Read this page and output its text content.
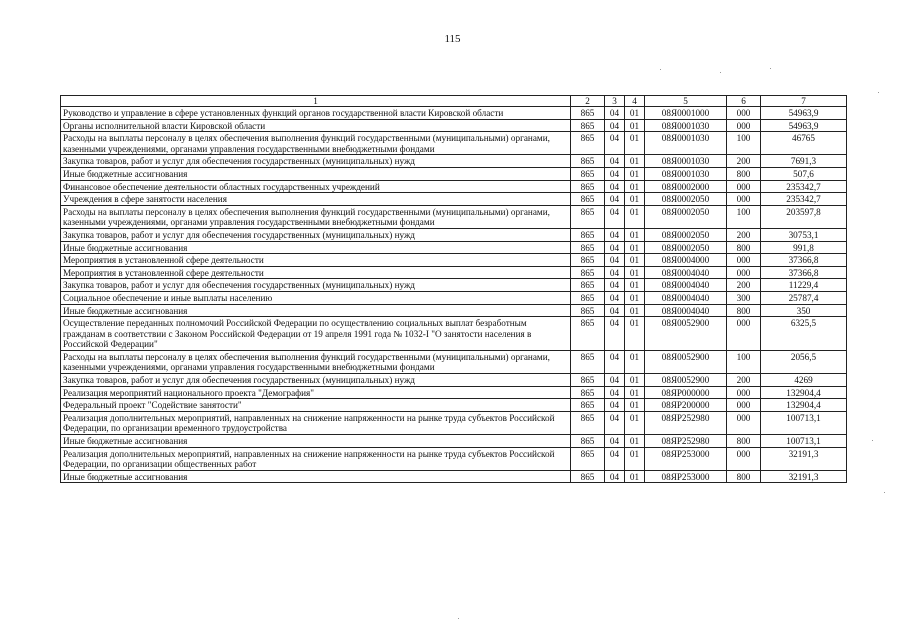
115
1	2	3	4	5	6	7
Руководство и управление в сфере установленных функций органов государственной власти Кировской области	865	04	01	08Я0001000	000	54963,9
Органы исполнительной власти Кировской области	865	04	01	08Я0001030	000	54963,9
Расходы на выплаты персоналу в целях обеспечения выполнения функций государственными (муниципальными) органами, казенными учреждениями, органами управления государственными внебюджетными фондами	865	04	01	08Я0001030	100	46765
Закупка товаров, работ и услуг для обеспечения государственных (муниципальных) нужд	865	04	01	08Я0001030	200	7691,3
Иные бюджетные ассигнования	865	04	01	08Я0001030	800	507,6
Финансовое обеспечение деятельности областных государственных учреждений	865	04	01	08Я0002000	000	235342,7
Учреждения в сфере занятости населения	865	04	01	08Я0002050	000	235342,7
Расходы на выплаты персоналу в целях обеспечения выполнения функций государственными (муниципальными) органами, казенными учреждениями, органами управления государственными внебюджетными фондами	865	04	01	08Я0002050	100	203597,8
Закупка товаров, работ и услуг для обеспечения государственных (муниципальных) нужд	865	04	01	08Я0002050	200	30753,1
Иные бюджетные ассигнования	865	04	01	08Я0002050	800	991,8
Мероприятия в установленной сфере деятельности	865	04	01	08Я0004000	000	37366,8
Мероприятия в установленной сфере деятельности	865	04	01	08Я0004040	000	37366,8
Закупка товаров, работ и услуг для обеспечения государственных (муниципальных) нужд	865	04	01	08Я0004040	200	11229,4
Социальное обеспечение и иные выплаты населению	865	04	01	08Я0004040	300	25787,4
Иные бюджетные ассигнования	865	04	01	08Я0004040	800	350
Осуществление переданных полномочий Российской Федерации по осуществлению социальных выплат безработным гражданам в соответствии с Законом Российской Федерации от 19 апреля 1991 года № 1032-I "О занятости населения в Российской Федерации"	865	04	01	08Я0052900	000	6325,5
Расходы на выплаты персоналу в целях обеспечения выполнения функций государственными (муниципальными) органами, казенными учреждениями, органами управления государственными внебюджетными фондами	865	04	01	08Я0052900	100	2056,5
Закупка товаров, работ и услуг для обеспечения государственных (муниципальных) нужд	865	04	01	08Я0052900	200	4269
Реализация мероприятий национального проекта "Демография"	865	04	01	08ЯР000000	000	132904,4
Федеральный проект "Содействие занятости"	865	04	01	08ЯР200000	000	132904,4
Реализация дополнительных мероприятий, направленных на снижение напряженности на рынке труда субъектов Российской Федерации, по организации временного трудоустройства	865	04	01	08ЯР252980	000	100713,1
Иные бюджетные ассигнования	865	04	01	08ЯР252980	800	100713,1
Реализация дополнительных мероприятий, направленных на снижение напряженности на рынке труда субъектов Российской Федерации, по организации общественных работ	865	04	01	08ЯР253000	000	32191,3
Иные бюджетные ассигнования	865	04	01	08ЯР253000	800	32191,3
